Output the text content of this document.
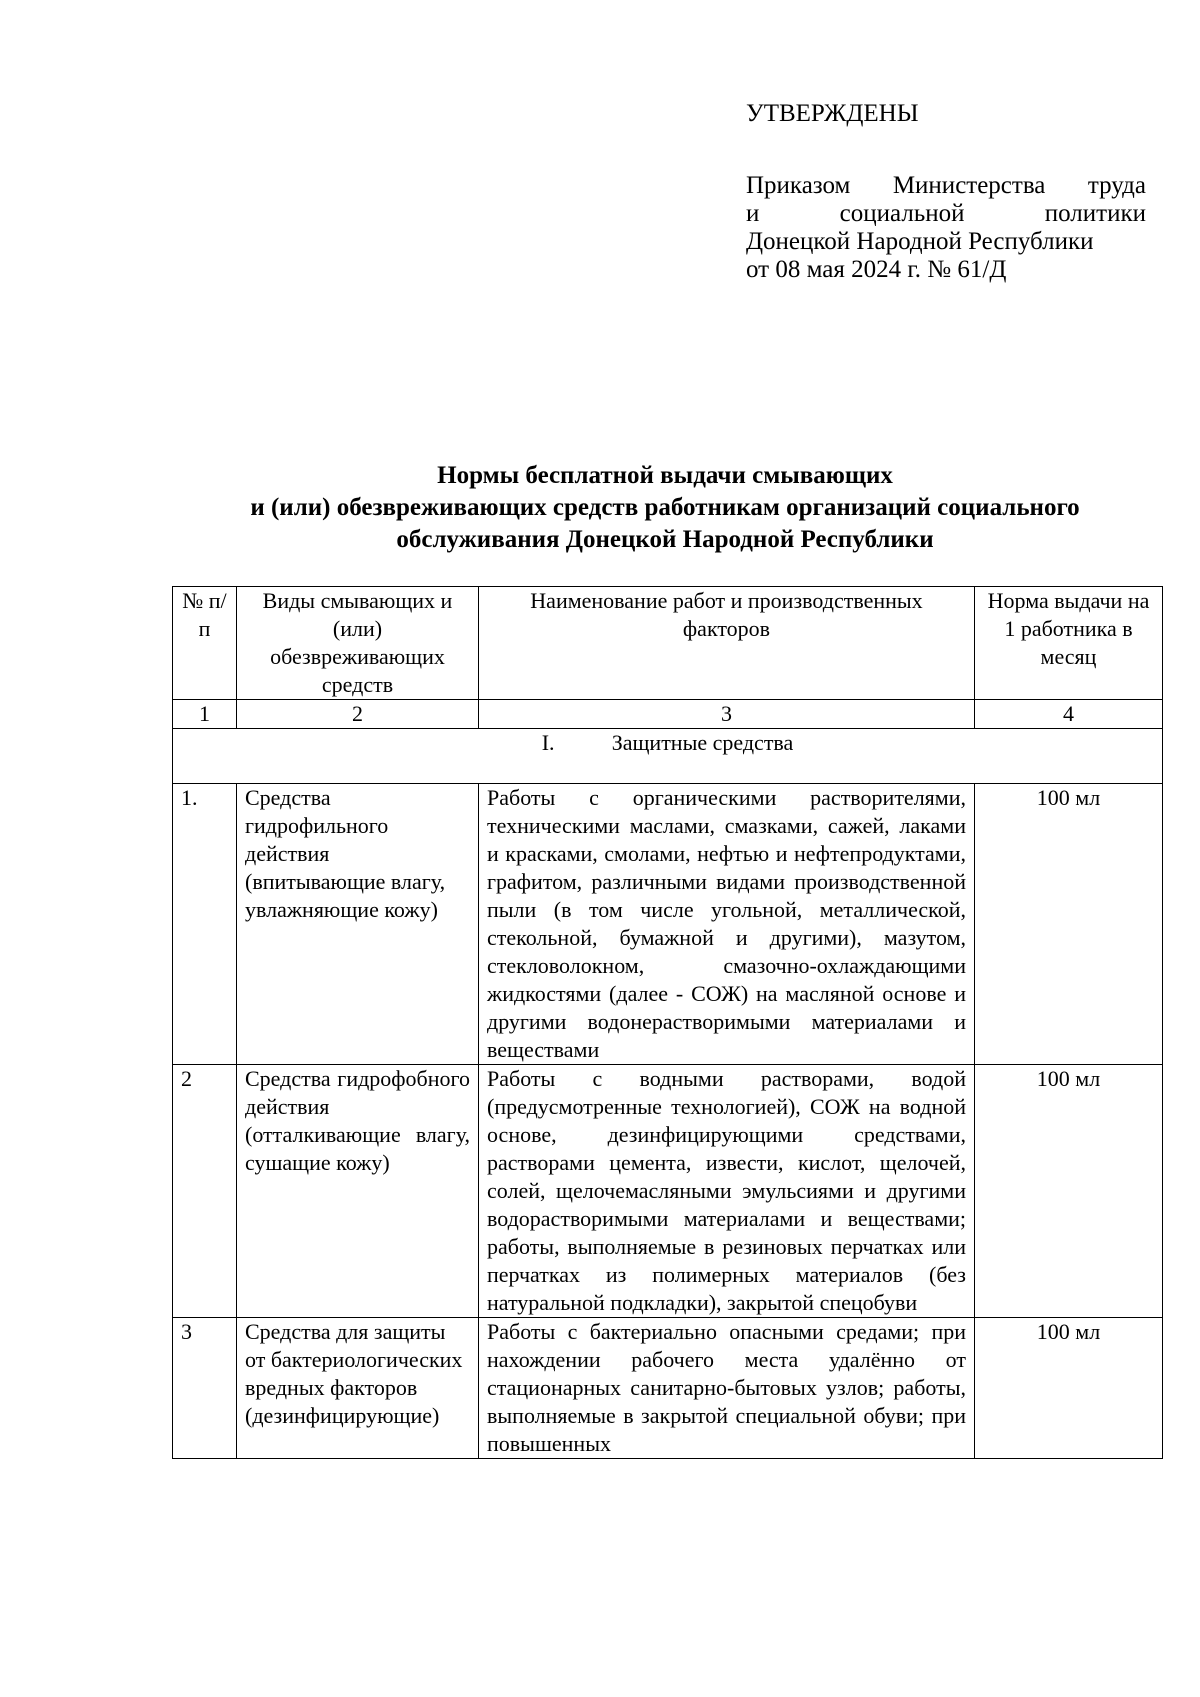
УТВЕРЖДЕНЫ
Приказом Министерства труда
и социальной политики
Донецкой Народной Республики
от 08 мая 2024 г. № 61/Д
Нормы бесплатной выдачи смывающих
и (или) обезвреживающих средств работникам организаций социального
обслуживания Донецкой Народной Республики
№ п/п	Виды смывающих и (или) обезвреживающих средств	Наименование работ и производственных факторов	Норма выдачи на 1 работника в месяц
1	2	3	4
I. Защитные средства			
1.	Средства гидрофильного действия (впитывающие влагу, увлажняющие кожу)	Работы с органическими растворителями, техническими маслами, смазками, сажей, лаками и красками, смолами, нефтью и нефтепродуктами, графитом, различными видами производственной пыли (в том числе угольной, металлической, стекольной, бумажной и другими), мазутом, стекловолокном, смазочно-охлаждающими жидкостями (далее - СОЖ) на масляной основе и другими водонерастворимыми материалами и веществами	100 мл
2	Средства гидрофобного действия (отталкивающие влагу, сушащие кожу)	Работы с водными растворами, водой (предусмотренные технологией), СОЖ на водной основе, дезинфицирующими средствами, растворами цемента, извести, кислот, щелочей, солей, щелочемасляными эмульсиями и другими водорастворимыми материалами и веществами; работы, выполняемые в резиновых перчатках или перчатках из полимерных материалов (без натуральной подкладки), закрытой спецобуви	100 мл
3	Средства для защиты от бактериологических вредных факторов (дезинфицирующие)	Работы с бактериально опасными средами; при нахождении рабочего места удалённо от стационарных санитарно-бытовых узлов; работы, выполняемые в закрытой специальной обуви; при повышенных	100 мл
